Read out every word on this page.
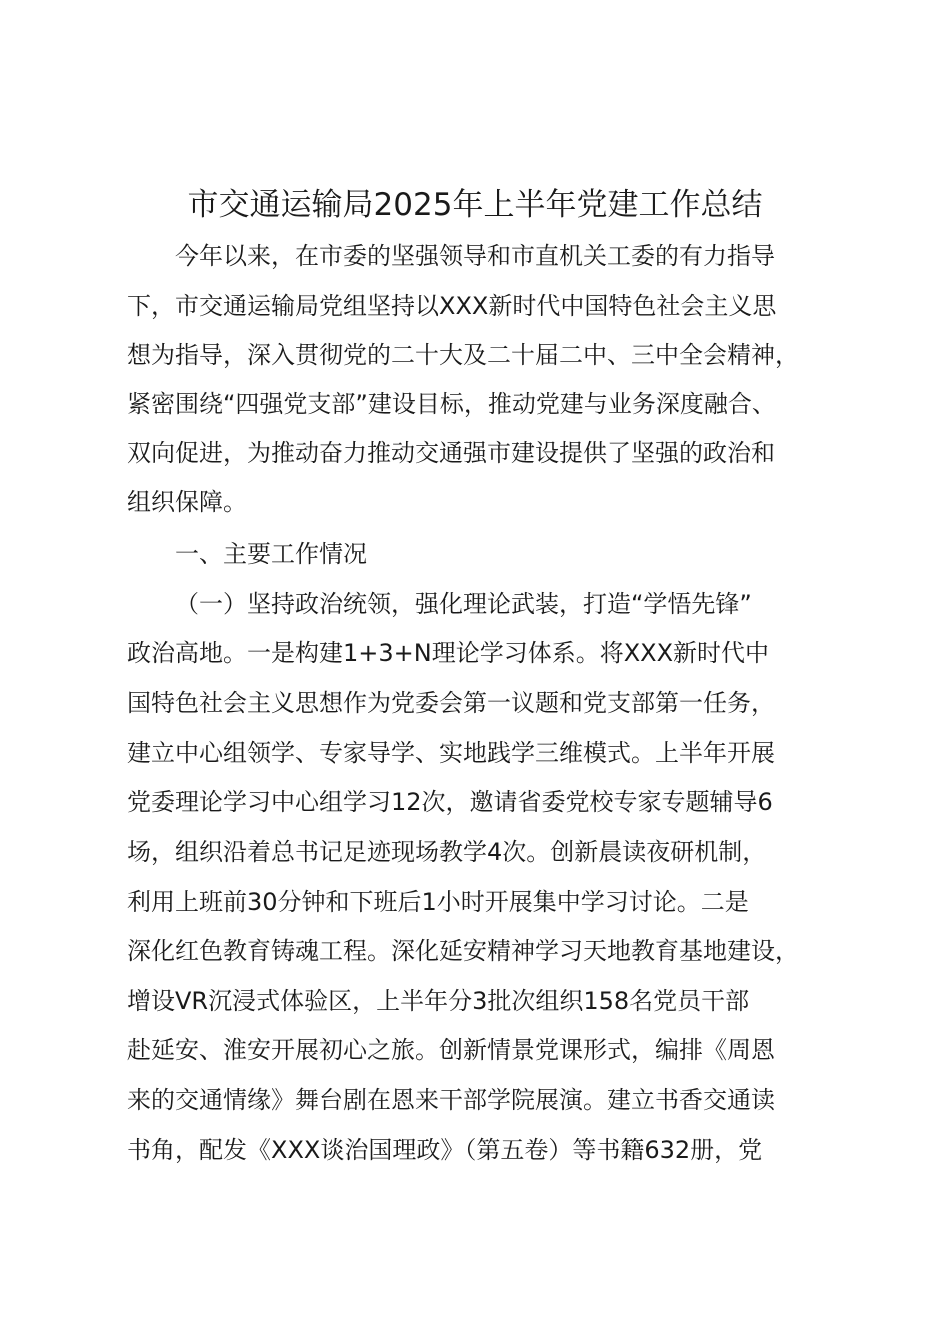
市交通运输局2025年上半年党建工作总结

今年以来，在市委的坚强领导和市直机关工委的有力指导

下，市交通运输局党组坚持以XXX新时代中国特色社会主义思

想为指导，深入贯彻党的二十大及二十届二中、三中全会精神，

紧密围绕“四强党支部”建设目标，推动党建与业务深度融合、

双向促进，为推动奋力推动交通强市建设提供了坚强的政治和

组织保障。

一、主要工作情况

（一）坚持政治统领，强化理论武装，打造“学悟先锋”

政治高地。一是构建1+3+N理论学习体系。将XXX新时代中

国特色社会主义思想作为党委会第一议题和党支部第一任务，

建立中心组领学、专家导学、实地践学三维模式。上半年开展

党委理论学习中心组学习12次，邀请省委党校专家专题辅导6

场，组织沿着总书记足迹现场教学4次。创新晨读夜研机制，

利用上班前30分钟和下班后1小时开展集中学习讨论。二是

深化红色教育铸魂工程。深化延安精神学习天地教育基地建设，

增设VR沉浸式体验区，上半年分3批次组织158名党员干部

赴延安、淮安开展初心之旅。创新情景党课形式，编排《周恩

来的交通情缘》舞台剧在恩来干部学院展演。建立书香交通读

书角，配发《XXX谈治国理政》（第五卷）等书籍632册，党
